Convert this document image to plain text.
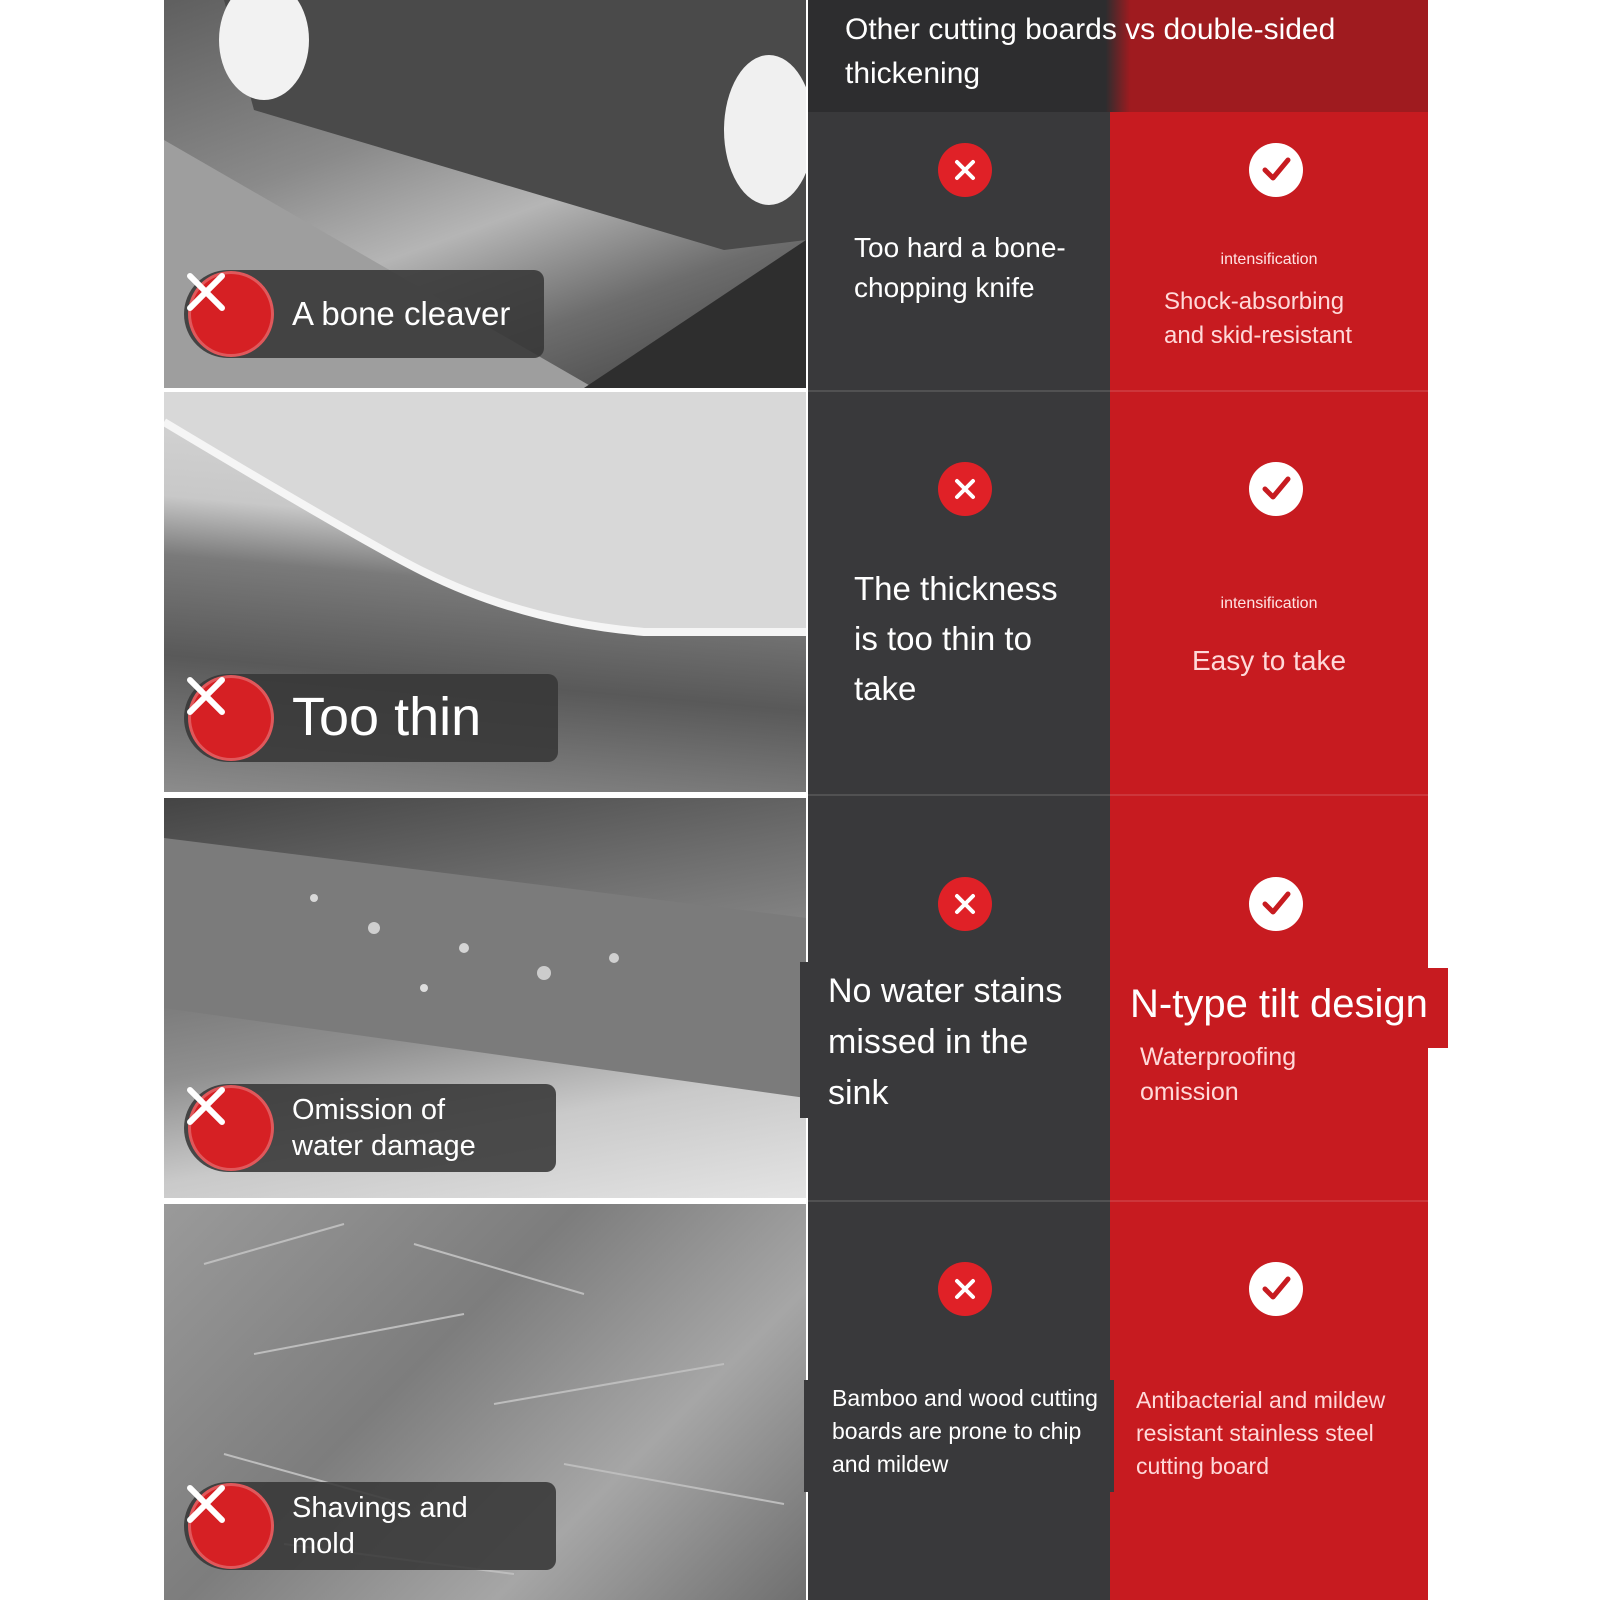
A bone cleaver
Too thin
Omission of water damage
Shavings and mold
Other cutting boards vs double-sided thickening
Too hard a bone-chopping knife
intensification
Shock-absorbing and skid-resistant
The thickness is too thin to take
intensification
Easy to take
No water stains missed in the sink
N-type tilt design
Waterproofing omission
Bamboo and wood cutting boards are prone to chip and mildew
Antibacterial and mildew resistant stainless steel cutting board
